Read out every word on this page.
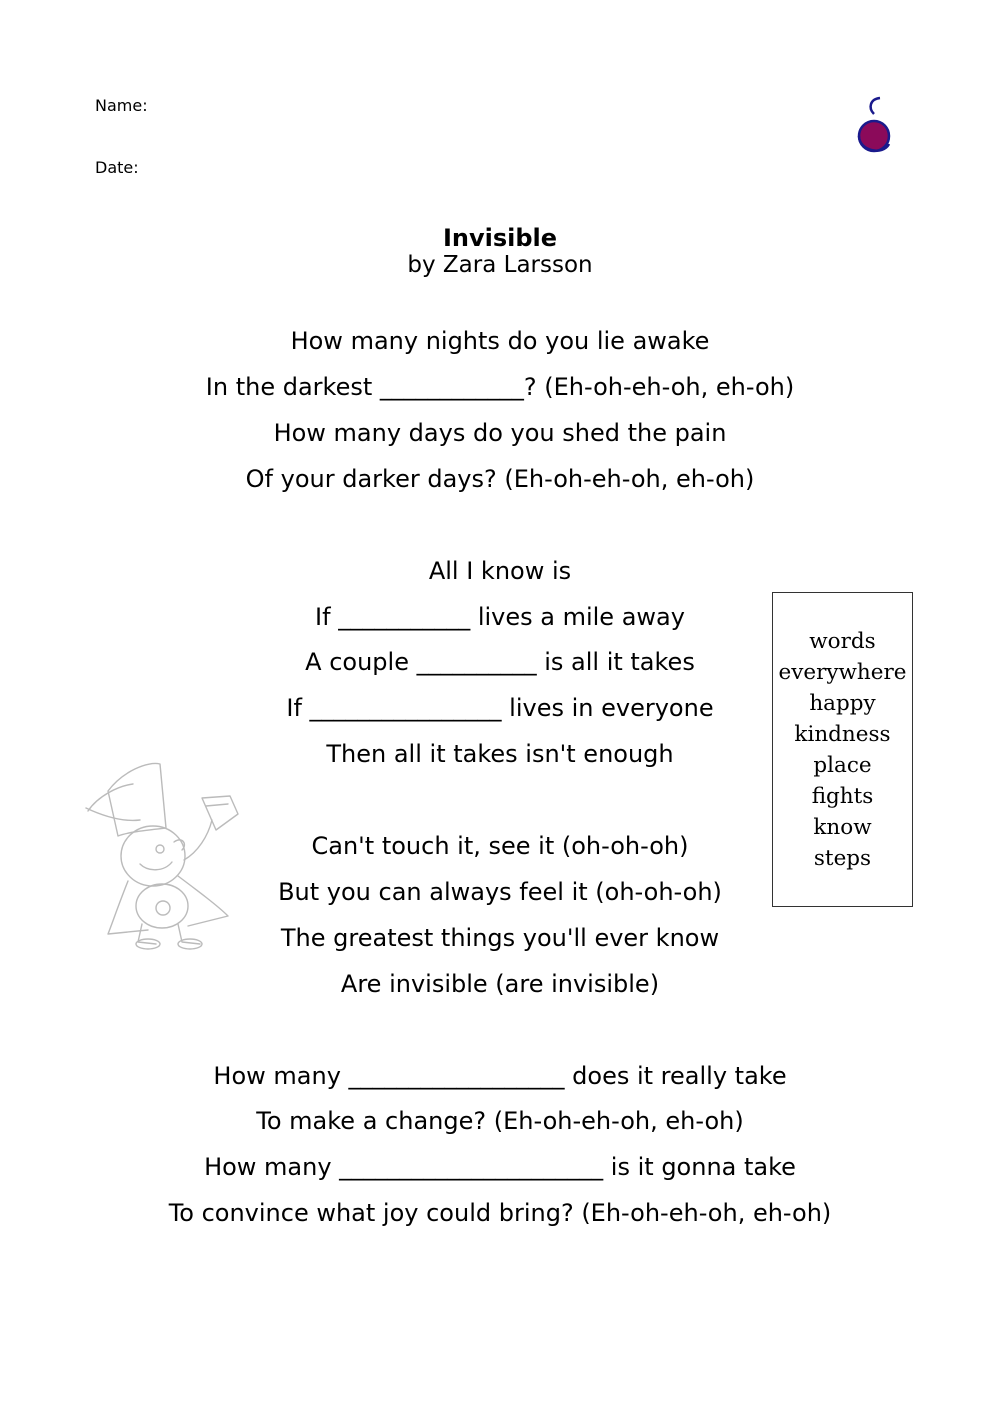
Name:
Date:
Invisible
by Zara Larsson
How many nights do you lie awake
In the darkest ____________? (Eh-oh-eh-oh, eh-oh)
How many days do you shed the pain
Of your darker days? (Eh-oh-eh-oh, eh-oh)
All I know is
If ___________ lives a mile away
A couple __________ is all it takes
If ________________ lives in everyone
Then all it takes isn't enough
Can't touch it, see it (oh-oh-oh)
But you can always feel it (oh-oh-oh)
The greatest things you'll ever know
Are invisible (are invisible)
How many __________________ does it really take
To make a change? (Eh-oh-eh-oh, eh-oh)
How many ______________________ is it gonna take
To convince what joy could bring? (Eh-oh-eh-oh, eh-oh)
words
everywhere
happy
kindness
place
fights
know
steps
